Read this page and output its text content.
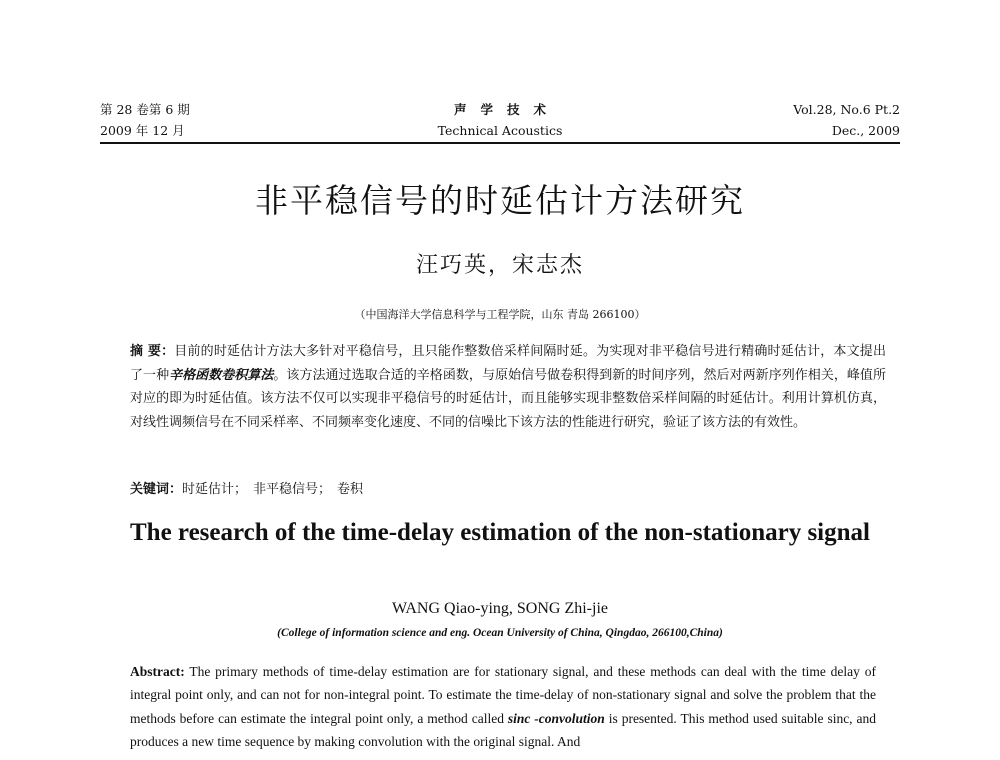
第 28 卷第 6 期
2009 年 12 月
声学技术
Technical Acoustics
Vol.28, No.6 Pt.2
Dec., 2009
非平稳信号的时延估计方法研究
汪巧英，宋志杰
（中国海洋大学信息科学与工程学院，山东 青岛 266100）
摘 要：目前的时延估计方法大多针对平稳信号，且只能作整数倍采样间隔时延。为实现对非平稳信号进行精确时延估计，本文提出了一种辛格函数卷积算法。该方法通过选取合适的辛格函数，与原始信号做卷积得到新的时间序列，然后对两新序列作相关，峰值所对应的即为时延估值。该方法不仅可以实现非平稳信号的时延估计，而且能够实现非整数倍采样间隔的时延估计。利用计算机仿真，对线性调频信号在不同采样率、不同频率变化速度、不同的信噪比下该方法的性能进行研究，验证了该方法的有效性。
关键词：时延估计； 非平稳信号； 卷积
The research of the time-delay estimation of the non-stationary signal
WANG Qiao-ying, SONG Zhi-jie
(College of information science and eng. Ocean University of China, Qingdao, 266100,China)
Abstract: The primary methods of time-delay estimation are for stationary signal, and these methods can deal with the time delay of integral point only, and can not for non-integral point. To estimate the time-delay of non-stationary signal and solve the problem that the methods before can estimate the integral point only, a method called sinc -convolution is presented. This method used suitable sinc, and produces a new time sequence by making convolution with the original signal. And
